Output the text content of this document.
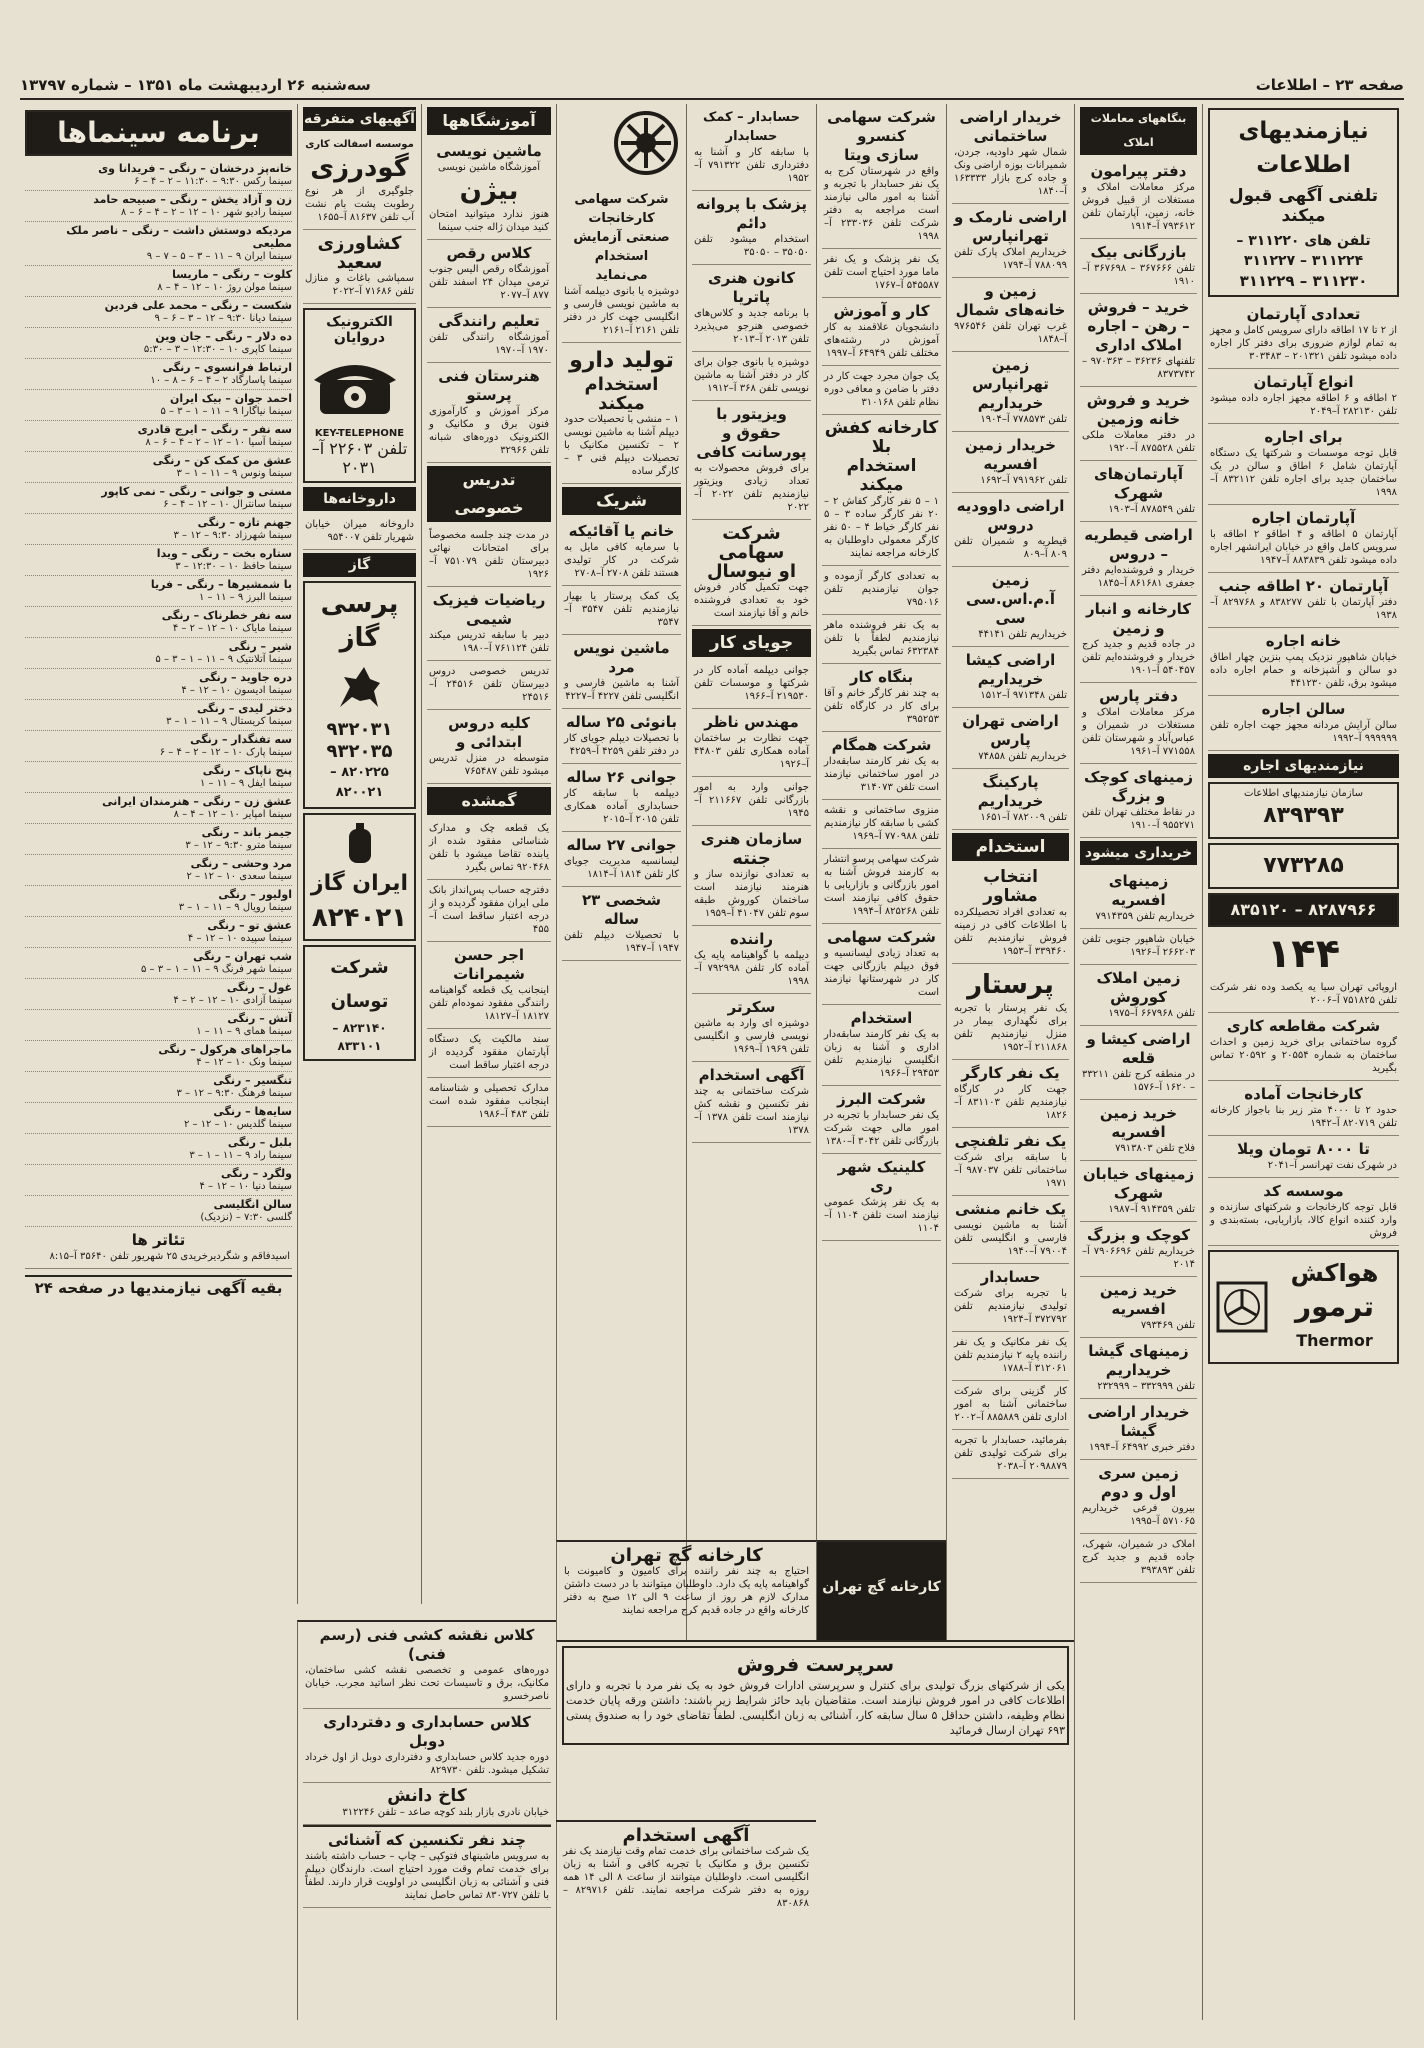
صفحه ۲۳ – اطلاعات
سه‌شنبه ۲۶ اردیبهشت ماه ۱۳۵۱ – شماره ۱۳۷۹۷
نیازمندیهای اطلاعات
تلفنی آگهی قبول میکند
تلفن های ۳۱۱۲۲۰ – ۳۱۱۲۲۴ – ۳۱۱۲۲۷
۳۱۱۲۳۰ – ۳۱۱۲۲۹
تعدادی آپارتمان
از ۲ تا ۱۷ اطاقه دارای سرویس کامل و مجهز به تمام لوازم ضروری برای دفتر کار اجاره داده میشود تلفن ۲۰۱۳۲۱ – ۳۰۳۴۸۳
انواع آپارتمان
۲ اطاقه و ۶ اطاقه مجهز اجاره داده میشود تلفن ۲۸۲۱۳۰ آ–۲۰۴۹
برای اجاره
قابل توجه موسسات و شرکتها یک دستگاه آپارتمان شامل ۶ اطاق و سالن در یک ساختمان جدید برای اجاره تلفن ۸۳۲۱۱۲ آ–۱۹۹۸
آپارتمان اجاره
آپارتمان ۵ اطاقه و ۴ اطاقو ۲ اطاقه با سرویس کامل واقع در خیابان ایرانشهر اجاره داده میشود تلفن ۸۸۳۸۳۹ آ–۱۹۴۷
آپارتمان ۲۰ اطاقه جنب
دفتر آپارتمان با تلفن ۸۳۸۲۷۷ و ۸۲۹۷۶۸ آ–۱۹۳۸
خانه اجاره
خیابان شاهپور نزدیک پمپ بنزین چهار اطاق دو سالن و آشپزخانه و حمام اجاره داده میشود برق، تلفن ۴۴۱۲۳۰
سالن اجاره
سالن آرایش مردانه مجهز جهت اجاره تلفن ۹۹۹۹۹۹ آ–۱۹۹۲
نیازمندیهای اجاره
سازمان نیازمندیهای اطلاعات
۸۳۹۳۹۳
۷۷۳۲۸۵
۸۲۸۷۹۶۶ – ۸۳۵۱۲۰
۱۴۴
اروپائی تهران سبا یه یکصد وده نفر شرکت تلفن ۷۵۱۸۲۵ آ–۲۰۰۶
شرکت مقاطعه کاری
گروه ساختمانی برای خرید زمین و احداث ساختمان به شماره ۲۰۵۵۴ و ۲۰۵۹۲ تماس بگیرید
کارخانجات آماده
حدود ۲ تا ۴۰۰۰ متر زیر بنا باجواز کارخانه تلفن ۸۲۰۷۱۹ آ–۱۹۴۲
تا ۸۰۰۰ تومان ویلا
در شهرک نفت تهرانسر آ–۲۰۴۱
موسسه کد
قابل توجه کارخانجات و شرکتهای سازنده و وارد کننده انواع کالا، بازاریابی، بسته‌بندی و فروش
هواکش
ترمور
Thermor
بنگاههای معاملات املاک
دفتر پیرامون
مرکز معاملات املاک و مستغلات از قبیل فروش خانه، زمین، آپارتمان تلفن ۷۹۳۶۱۲ آ–۱۹۱۴
بازرگانی بیک
تلفن ۳۶۷۶۶۶ – ۳۶۷۶۹۸ آ–۱۹۱۰
خرید – فروش – رهن – اجاره املاک اداری
تلفنهای ۳۶۲۳۶ – ۹۷۰۳۶۳ – ۸۳۷۳۷۴۲
خرید و فروش خانه وزمین
در دفتر معاملات ملکی تلفن ۸۷۵۵۲۸ آ–۱۹۲۰
آپارتمان‌های شهرک
تلفن ۸۷۸۵۴۹ آ–۱۹۰۳
اراضی قیطریه – دروس
خریدار و فروشنده‌ایم دفتر جعفری ۸۶۱۶۸۱ آ–۱۸۴۵
کارخانه و انبار و زمین
در جاده قدیم و جدید کرج خریدار و فروشنده‌ایم تلفن ۵۴۰۴۵۷ آ–۱۹۰۱
دفتر پارس
مرکز معاملات املاک و مستغلات در شمیران و عباس‌آباد و شهرستان تلفن ۷۷۱۵۵۸ آ–۱۹۶۱
زمینهای کوچک و بزرگ
در نقاط مختلف تهران تلفن ۹۵۵۲۷۱ آ–۱۹۱۰
خریداری میشود
زمینهای افسریه
خریداریم تلفن ۷۹۱۴۳۵۹
خیابان شاهپور جنوبی تلفن ۲۶۶۲۰۳ آ–۱۹۲۶
زمین املاک کوروش
تلفن ۶۶۷۹۶۸ آ–۱۹۷۵
اراضی کیشا و قلعه
در منطقه کرج تلفن ۳۳۲۱۱ – ۱۶۲۰ آ–۱۵۷۶
خرید زمین افسریه
فلاح تلفن ۷۹۱۳۸۰۳
زمینهای خیابان شهرک
تلفن ۹۱۴۳۵۹ آ–۱۹۸۷
کوچک و بزرگ
خریداریم تلفن ۷۹۰۶۶۹۶ آ–۲۰۱۴
خرید زمین افسریه
تلفن ۷۹۳۴۶۹
زمینهای گیشا خریداریم
تلفن ۳۳۲۹۹۹ – ۲۳۲۹۹۹
خریدار اراضی گیشا
دفتر خبری ۶۴۹۹۲ آ–۱۹۹۴
زمین سری اول و دوم
بیرون فرعی خریداریم ۵۷۱۰۶۵ آ–۱۹۹۵
املاک در شمیران، شهرک، جاده قدیم و جدید کرج تلفن ۳۹۳۸۹۳
خریدار اراضی ساختمانی
شمال شهر داودیه، جردن، شمیرانات بوزه اراضی ونک و جاده کرج بازار ۱۶۳۳۳۳ آ–۱۸۴۰
اراضی نارمک و تهرانپارس
خریداریم املاک پارک تلفن ۷۸۸۰۹۹ آ–۱۷۹۴
زمین و خانه‌های شمال
غرب تهران تلفن ۹۷۶۵۴۶ آ–۱۸۴۸
زمین تهرانپارس خریداریم
تلفن ۷۷۸۵۷۳ آ–۱۹۰۴
خریدار زمین افسریه
تلفن ۷۹۱۹۶۲ آ–۱۶۹۲
اراضی داوودیه دروس
قیطریه و شمیران تلفن ۸۰۹ آ–۸۰۹
زمین آ.م.اس.سی سی
خریداریم تلفن ۴۴۱۴۱
اراضی کیشا خریداریم
تلفن ۹۷۱۳۴۸ آ–۱۵۱۲
اراضی تهران پارس
خریداریم تلفن ۷۴۸۵۸
پارکینگ خریداریم
تلفن ۷۸۲۰۰۹ آ–۱۶۵۱
استخدام
انتخاب مشاور
به تعدادی افراد تحصیلکرده با اطلاعات کافی در زمینه فروش نیازمندیم تلفن ۳۳۹۴۶۰ آ–۱۹۵۳
پرستار
یک نفر پرستار با تجربه برای نگهداری بیمار در منزل نیازمندیم تلفن ۲۱۱۸۶۸ آ–۱۹۵۲
یک نفر کارگر
جهت کار در کارگاه نیازمندیم تلفن ۸۳۱۱۰۳ آ–۱۸۲۶
یک نفر تلفنچی
با سابقه برای شرکت ساختمانی تلفن ۹۸۷۰۳۷ آ–۱۹۷۱
یک خانم منشی
آشنا به ماشین نویسی فارسی و انگلیسی تلفن ۷۹۰۰۴ آ–۱۹۴۰
حسابدار
با تجربه برای شرکت تولیدی نیازمندیم تلفن ۳۷۲۷۹۲ آ–۱۹۲۴
یک نفر مکانیک و یک نفر راننده پایه ۲ نیازمندیم تلفن ۳۱۲۰۶۱ آ–۱۷۸۸
کار گزینی برای شرکت ساختمانی آشنا به امور اداری تلفن ۸۸۵۸۸۹ آ–۲۰۰۲
بفرمائید، حسابدار با تجربه برای شرکت تولیدی تلفن ۲۰۹۸۸۷۹ آ–۲۰۳۸
شرکت سهامی کنسرو
سازی ویتا
واقع در شهرستان کرج به یک نفر حسابدار با تجربه و آشنا به امور مالی نیازمند است مراجعه به دفتر شرکت تلفن ۲۳۳۰۳۶ آ–۱۹۹۸
یک نفر پزشک و یک نفر ماما مورد احتیاج است تلفن ۵۴۵۵۸۷ آ–۱۷۶۷
کار و آموزش
دانشجویان علاقمند به کار آموزش در رشته‌های مختلف تلفن ۶۴۹۴۹ آ–۱۹۹۷
یک جوان مجرد جهت کار در دفتر با ضامن و معافی دوره نظام تلفن ۳۱۰۱۶۸
کارخانه کفش بلا
استخدام میکند
۱ – ۵ نفر کارگر کفاش ۲ – ۲۰ نفر کارگر ساده ۳ – ۵ نفر کارگر خیاط ۴ – ۵۰ نفر کارگر معمولی داوطلبان به کارخانه مراجعه نمایند
به تعدادی کارگر آزموده و جوان نیازمندیم تلفن ۷۹۵۰۱۶
به یک نفر فروشنده ماهر نیازمندیم لطفاً با تلفن ۶۳۲۳۸۴ تماس بگیرید
بنگاه کار
به چند نفر کارگر خانم و آقا برای کار در کارگاه تلفن ۳۹۵۲۵۳
شرکت همگام
به یک نفر کارمند سابقه‌دار در امور ساختمانی نیازمند است تلفن ۳۱۴۰۷۳
منزوی ساختمانی و نقشه کشی با سابقه کار نیازمندیم تلفن ۷۷۰۹۸۸ آ–۱۹۶۹
شرکت سهامی پرسو انتشار به کارمند فروش آشنا به امور بازرگانی و بازاریابی با حقوق کافی نیازمند است تلفن ۸۲۵۲۶۸ آ–۱۹۹۴
شرکت سهامی
به تعداد زیادی لیسانسیه و فوق دیپلم بازرگانی جهت کار در شهرستانها نیازمند است
استخدام
به یک نفر کارمند سابقه‌دار اداری و آشنا به زبان انگلیسی نیازمندیم تلفن ۲۹۴۵۳ آ–۱۹۶۶
شرکت البرز
یک نفر حسابدار با تجربه در امور مالی جهت شرکت بازرگانی تلفن ۳۰۴۲ آ–۱۳۸۰
کلینیک شهر ری
به یک نفر پزشک عمومی نیازمند است تلفن ۱۱۰۴ آ–۱۱۰۴
حسابدار – کمک حسابدار
با سابقه کار و آشنا به دفترداری تلفن ۷۹۱۳۲۲ آ–۱۹۵۲
پزشک با پروانه دائم
استخدام میشود تلفن ۳۵۰۵۰ – ۳۵۰۵۰
کانون هنری پاتریا
با برنامه جدید و کلاس‌های خصوصی هنرجو می‌پذیرد تلفن ۲۰۱۳ آ–۲۰۱۳
دوشیزه یا بانوی جوان برای کار در دفتر آشنا به ماشین نویسی تلفن ۳۶۸ آ–۱۹۱۲
ویزیتور با حقوق و
پورسانت کافی
برای فروش محصولات به تعداد زیادی ویزیتور نیازمندیم تلفن ۲۰۲۲ آ–۲۰۲۲
شرکت سهامی
او نیوسال
جهت تکمیل کادر فروش خود به تعدادی فروشنده خانم و آقا نیازمند است
جویای کار
جوانی دیپلمه آماده کار در شرکتها و موسسات تلفن ۲۱۹۵۳۰ آ–۱۹۶۶
مهندس ناظر
جهت نظارت بر ساختمان آماده همکاری تلفن ۴۴۸۰۳ آ–۱۹۲۶
جوانی وارد به امور بازرگانی تلفن ۲۱۱۶۶۷ آ–۱۹۴۵
سازمان هنری
جنته
به تعدادی نوازنده ساز و هنرمند نیازمند است ساختمان کوروش طبقه سوم تلفن ۴۱۰۴۷ آ–۱۹۵۹
راننده
دیپلمه با گواهینامه پایه یک آماده کار تلفن ۷۹۲۹۹۸ آ–۱۹۹۸
سکرتر
دوشیزه ای وارد به ماشین نویسی فارسی و انگلیسی تلفن ۱۹۶۹ آ–۱۹۶۹
آگهی استخدام
شرکت ساختمانی به چند نفر تکنسین و نقشه کش نیازمند است تلفن ۱۳۷۸ آ–۱۳۷۸
شرکت سهامی کارخانجات
صنعتی آزمایش استخدام
می‌نماید
دوشیزه یا بانوی دیپلمه آشنا به ماشین نویسی فارسی و انگلیسی جهت کار در دفتر تلفن ۲۱۶۱ آ–۲۱۶۱
تولید دارو
استخدام میکند
۱ – منشی با تحصیلات حدود دیپلم آشنا به ماشین نویسی ۲ – تکنسین مکانیک با تحصیلات دیپلم فنی ۳ – کارگر ساده
شریک
خانم یا آقائیکه
با سرمایه کافی مایل به شرکت در کار تولیدی هستند تلفن ۲۷۰۸ آ–۲۷۰۸
یک کمک پرستار یا بهیار نیازمندیم تلفن ۳۵۴۷ آ–۳۵۴۷
ماشین نویس مرد
آشنا به ماشین فارسی و انگلیسی تلفن ۴۲۲۷ آ–۴۲۲۷
بانوئی ۲۵ ساله
با تحصیلات دیپلم جویای کار در دفتر تلفن ۴۲۵۹ آ–۴۲۵۹
جوانی ۲۶ ساله
دیپلمه با سابقه کار حسابداری آماده همکاری تلفن ۲۰۱۵ آ–۲۰۱۵
جوانی ۲۷ ساله
لیسانسیه مدیریت جویای کار تلفن ۱۸۱۴ آ–۱۸۱۴
شخصی ۲۳ ساله
با تحصیلات دیپلم تلفن ۱۹۴۷ آ–۱۹۴۷
آموزشگاهها
ماشین نویسی
آموزشگاه ماشین نویسی
بیژن
هنوز ندارد میتوانید امتحان کنید میدان ژاله جنب سینما
کلاس رقص
آموزشگاه رقص الیس جنوب ترمی میدان ۲۴ اسفند تلفن ۸۷۷ آ–۲۰۷۷
تعلیم رانندگی
آموزشگاه رانندگی تلفن ۱۹۷۰ آ–۱۹۷۰
هنرستان فنی پرستو
مرکز آموزش و کارآموزی فنون برق و مکانیک و الکترونیک دوره‌های شبانه تلفن ۳۲۹۶۶
تدریس خصوصی
در مدت چند جلسه مخصوصاً برای امتحانات نهائی دبیرستان تلفن ۷۵۱۰۷۹ آ–۱۹۲۶
ریاضیات فیزیک شیمی
دبیر با سابقه تدریس میکند تلفن ۷۶۱۱۲۴ آ–۱۹۸۰
تدریس خصوصی دروس دبیرستان تلفن ۲۴۵۱۶ آ–۲۴۵۱۶
کلیه دروس ابتدائی و
متوسطه در منزل تدریس میشود تلفن ۷۶۵۴۸۷
گمشده
یک قطعه چک و مدارک شناسائی مفقود شده از یابنده تقاضا میشود با تلفن ۹۲۰۴۶۸ تماس بگیرد
دفترچه حساب پس‌انداز بانک ملی ایران مفقود گردیده و از درجه اعتبار ساقط است آ–۴۵۵
اجر حسن شیمرانات
اینجانب یک قطعه گواهینامه رانندگی مفقود نموده‌ام تلفن ۱۸۱۲۷ آ–۱۸۱۲۷
سند مالکیت یک دستگاه آپارتمان مفقود گردیده از درجه اعتبار ساقط است
مدارک تحصیلی و شناسنامه اینجانب مفقود شده است تلفن ۴۸۳ آ–۱۹۸۶
آگهیهای متفرقه
موسسه اسفالت کاری
گودرزی
جلوگیری از هر نوع رطوبت پشت بام نشت آب تلفن ۸۱۶۳۷ آ–۱۶۵۵
کشاورزی سعید
سمپاشی باغات و منازل تلفن ۷۱۶۸۶ آ–۲۰۲۲
الکترونیک دروایان
KEY-TELEPHONE
تلفن ۲۲۶۰۳ آ–۲۰۳۱
داروخانه‌ها
داروخانه میران خیابان شهریار تلفن ۹۵۴۰۰۷
گاز
پرسی گاز
۹۳۲۰۳۱
۹۳۲۰۳۵
۸۲۰۲۲۵ – ۸۲۰۰۲۱
ایران گاز
۸۲۴۰۲۱
شرکت توسان
۸۲۳۱۴۰ – ۸۳۳۱۰۱
برنامه سینماها
خانه‌پز درخشان – رنگی – فریدانا وی
سینما رکس ۹:۳۰ – ۱۱:۳۰ – ۲ – ۴ – ۶
زن و آزاد یخش – رنگی – صبیحه حامد
سینما رادیو شهر ۱۰ – ۱۲ – ۲ – ۴ – ۶ – ۸
مردیکه دوستش داشت – رنگی – ناصر ملک مطیعی
سینما ایران ۹ – ۱۱ – ۳ – ۵ – ۷ – ۹
کلوت – رنگی – ماریسا
سینما مولن روژ ۱۰ – ۱۲ – ۴ – ۸
شکست – رنگی – محمد علی فردین
سینما دیانا ۹:۳۰ – ۱۲ – ۳ – ۶ – ۹
ده دلار – رنگی – جان وین
سینما کاپری ۱۰ – ۱۲:۳۰ – ۳ – ۵:۳۰
ارتباط فرانسوی – رنگی
سینما پاسارگاد ۲ – ۴ – ۶ – ۸ – ۱۰
احمد جوان – بیک ایران
سینما نیاگارا ۹ – ۱۱ – ۱ – ۳ – ۵
سه نفر – رنگی – ایرج قادری
سینما آسیا ۱۰ – ۱۲ – ۲ – ۴ – ۶ – ۸
عشق من کمک کن – رنگی
سینما ونوس ۹ – ۱۱ – ۱ – ۳
مستی و جوانی – رنگی – نمی کاپور
سینما سانترال ۱۰ – ۱۲ – ۴ – ۶
جهنم تازه – رنگی
سینما شهرزاد ۹:۳۰ – ۱۲ – ۳
ستاره بخت – رنگی – ویدا
سینما حافظ ۱۰ – ۱۲:۳۰ – ۳
با شمشیرها – رنگی – فریا
سینما البرز ۹ – ۱۱ – ۱
سه نفر خطرناک – رنگی
سینما مایاک ۱۰ – ۱۲ – ۲ – ۴
شیر – رنگی
سینما آتلانتیک ۹ – ۱۱ – ۱ – ۳ – ۵
دره جاوید – رنگی
سینما ادیسون ۱۰ – ۱۲ – ۴
دختر لیدی – رنگی
سینما کریستال ۹ – ۱۱ – ۱ – ۳
سه تفنگدار – رنگی
سینما پارک ۱۰ – ۱۲ – ۲ – ۴ – ۶
پنج ناپاک – رنگی
سینما ایفل ۹ – ۱۱ – ۱
عشق زن – رنگی – هنرمندان ایرانی
سینما امپایر ۱۰ – ۱۲ – ۴ – ۸
جیمز باند – رنگی
سینما مترو ۹:۳۰ – ۱۲ – ۳
مرد وحشی – رنگی
سینما سعدی ۱۰ – ۱۲ – ۲
اولیور – رنگی
سینما رویال ۹ – ۱۱ – ۱ – ۳
عشق تو – رنگی
سینما سپیده ۱۰ – ۱۲ – ۴
شب تهران – رنگی
سینما شهر فرنگ ۹ – ۱۱ – ۱ – ۳ – ۵
غول – رنگی
سینما آزادی ۱۰ – ۱۲ – ۲ – ۴
آتش – رنگی
سینما همای ۹ – ۱۱ – ۱
ماجراهای هرکول – رنگی
سینما ونک ۱۰ – ۱۲ – ۴
تنگسیر – رنگی
سینما فرهنگ ۹:۳۰ – ۱۲ – ۳
سایه‌ها – رنگی
سینما گلدیس ۱۰ – ۱۲ – ۲
بلبل – رنگی
سینما راد ۹ – ۱۱ – ۱ – ۳
ولگرد – رنگی
سینما دنیا ۱۰ – ۱۲ – ۴
سالن انگلیسی
گلسی ۷:۳۰ – (نزدیک)
تئاتر ها
اسیدفاقم و شگردیرخریدی ۲۵ شهریور تلفن ۳۵۶۴۰ آ–۸:۱۵
بقیه آگهی نیازمندیها در صفحه ۲۴
سرپرست فروش
یکی از شرکتهای بزرگ تولیدی برای کنترل و سرپرستی ادارات فروش خود به یک نفر مرد با تجربه و دارای اطلاعات کافی در امور فروش نیازمند است. متقاضیان باید حائز شرایط زیر باشند: داشتن ورقه پایان خدمت نظام وظیفه، داشتن حداقل ۵ سال سابقه کار، آشنائی به زبان انگلیسی. لطفاً تقاضای خود را به صندوق پستی ۶۹۳ تهران ارسال فرمائید
کارخانه گچ تهران
احتیاج به چند نفر راننده برای کامیون و کامیونت با گواهینامه پایه یک دارد. داوطلبان میتوانند با در دست داشتن مدارک لازم هر روز از ساعت ۹ الی ۱۲ صبح به دفتر کارخانه واقع در جاده قدیم کرج مراجعه نمایند
کارخانه گچ تهران
کلاس نقشه کشی فنی (رسم فنی)
دوره‌های عمومی و تخصصی نقشه کشی ساختمان، مکانیک، برق و تاسیسات تحت نظر اساتید مجرب. خیابان ناصرخسرو
کلاس حسابداری و دفترداری دوبل
دوره جدید کلاس حسابداری و دفترداری دوبل از اول خرداد تشکیل میشود. تلفن ۸۲۹۷۳۰
کاخ دانش
خیابان نادری بازار بلند کوچه صاعد – تلفن ۳۱۲۲۴۶
چند نفر تکنسین که آشنائی
به سرویس ماشینهای فتوکپی – چاپ – حساب داشته باشند برای خدمت تمام وقت مورد احتیاج است. دارندگان دیپلم فنی و آشنائی به زبان انگلیسی در اولویت قرار دارند. لطفاً با تلفن ۸۳۰۷۲۷ تماس حاصل نمایند
آگهی استخدام
یک شرکت ساختمانی برای خدمت تمام وقت نیازمند یک نفر تکنسین برق و مکانیک با تجربه کافی و آشنا به زبان انگلیسی است. داوطلبان میتوانند از ساعت ۸ الی ۱۴ همه روزه به دفتر شرکت مراجعه نمایند. تلفن ۸۲۹۷۱۶ – ۸۳۰۸۶۸
